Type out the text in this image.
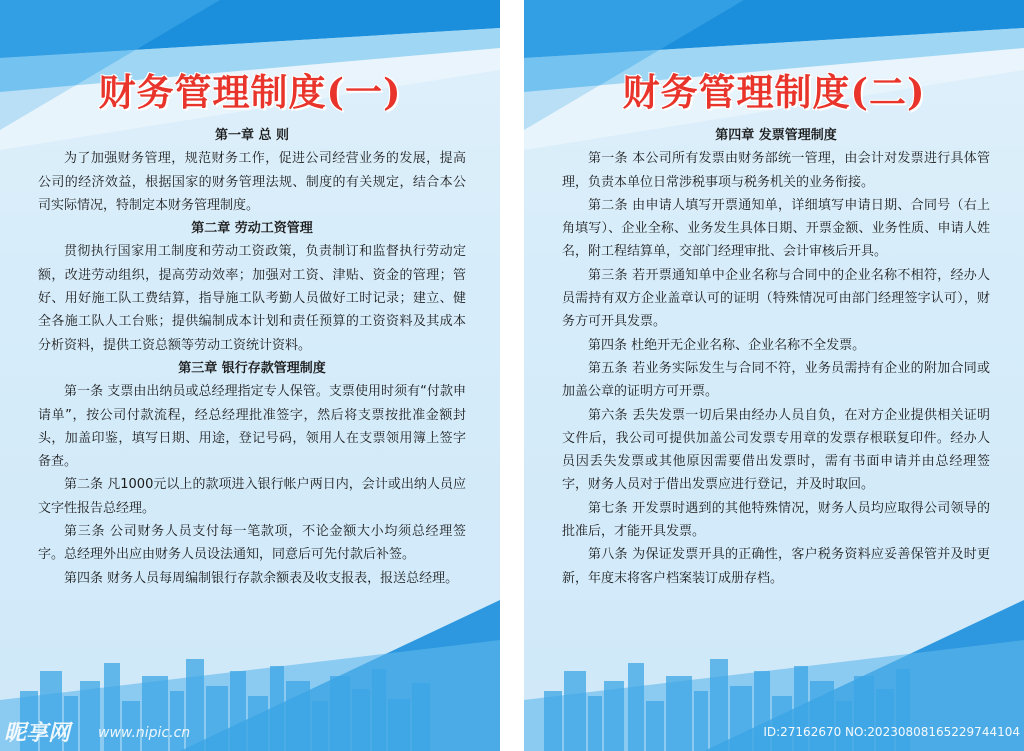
财务管理制度(一)

第一章 总 则

为了加强财务管理，规范财务工作，促进公司经营业务的发展，提高公司的经济效益，根据国家的财务管理法规、制度的有关规定，结合本公司实际情况，特制定本财务管理制度。

第二章 劳动工资管理

贯彻执行国家用工制度和劳动工资政策，负责制订和监督执行劳动定额，改进劳动组织，提高劳动效率；加强对工资、津贴、资金的管理；管好、用好施工队工费结算，指导施工队考勤人员做好工时记录；建立、健全各施工队人工台账；提供编制成本计划和责任预算的工资资料及其成本分析资料，提供工资总额等劳动工资统计资料。

第三章 银行存款管理制度

第一条 支票由出纳员或总经理指定专人保管。支票使用时须有“付款申请单”，按公司付款流程，经总经理批准签字，然后将支票按批准金额封头，加盖印鉴，填写日期、用途，登记号码，领用人在支票领用簿上签字备查。

第二条 凡1000元以上的款项进入银行帐户两日内，会计或出纳人员应文字性报告总经理。

第三条 公司财务人员支付每一笔款项，不论金额大小均须总经理签字。总经理外出应由财务人员设法通知，同意后可先付款后补签。

第四条 财务人员每周编制银行存款余额表及收支报表，报送总经理。

昵享网 www.nipic.cn
财务管理制度(二)

第四章 发票管理制度

第一条 本公司所有发票由财务部统一管理，由会计对发票进行具体管理，负责本单位日常涉税事项与税务机关的业务衔接。

第二条 由申请人填写开票通知单，详细填写申请日期、合同号（右上角填写）、企业全称、业务发生具体日期、开票金额、业务性质、申请人姓名，附工程结算单，交部门经理审批、会计审核后开具。

第三条 若开票通知单中企业名称与合同中的企业名称不相符，经办人员需持有双方企业盖章认可的证明（特殊情况可由部门经理签字认可），财务方可开具发票。

第四条 杜绝开无企业名称、企业名称不全发票。

第五条 若业务实际发生与合同不符，业务员需持有企业的附加合同或加盖公章的证明方可开票。

第六条 丢失发票一切后果由经办人员自负，在对方企业提供相关证明文件后，我公司可提供加盖公司发票专用章的发票存根联复印件。经办人员因丢失发票或其他原因需要借出发票时，需有书面申请并由总经理签字，财务人员对于借出发票应进行登记，并及时取回。

第七条 开发票时遇到的其他特殊情况，财务人员均应取得公司领导的批准后，才能开具发票。

第八条 为保证发票开具的正确性，客户税务资料应妥善保管并及时更新，年度末将客户档案装订成册存档。

ID:27162670 NO:20230808165229744104
